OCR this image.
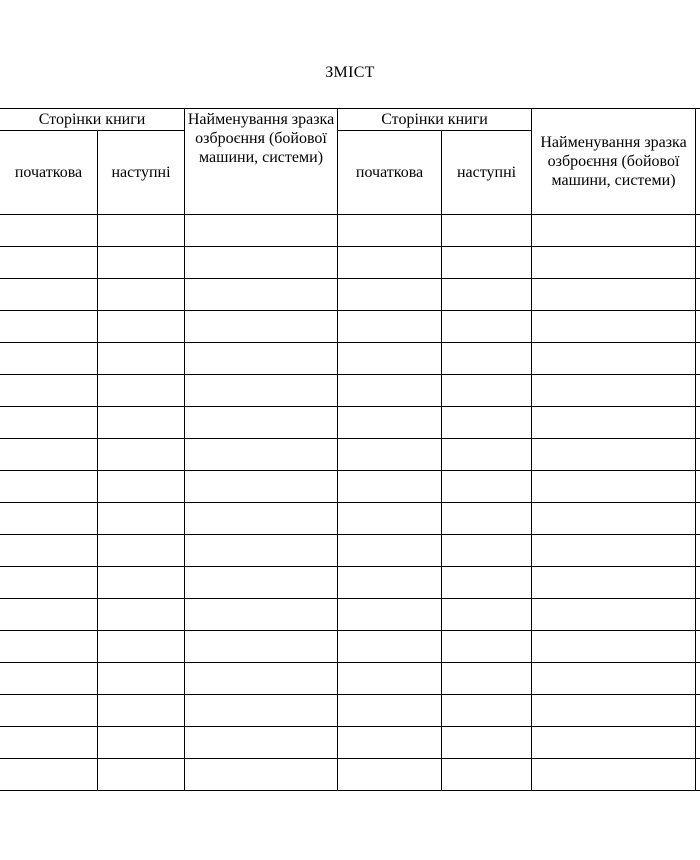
ЗМІСТ
Сторінки книги		Найменування зразка озброєння (бойової машини, системи)	Сторінки книги		Найменування зразка озброєння (бойової машини, системи)	
початкова	наступні		початкова	наступні		
